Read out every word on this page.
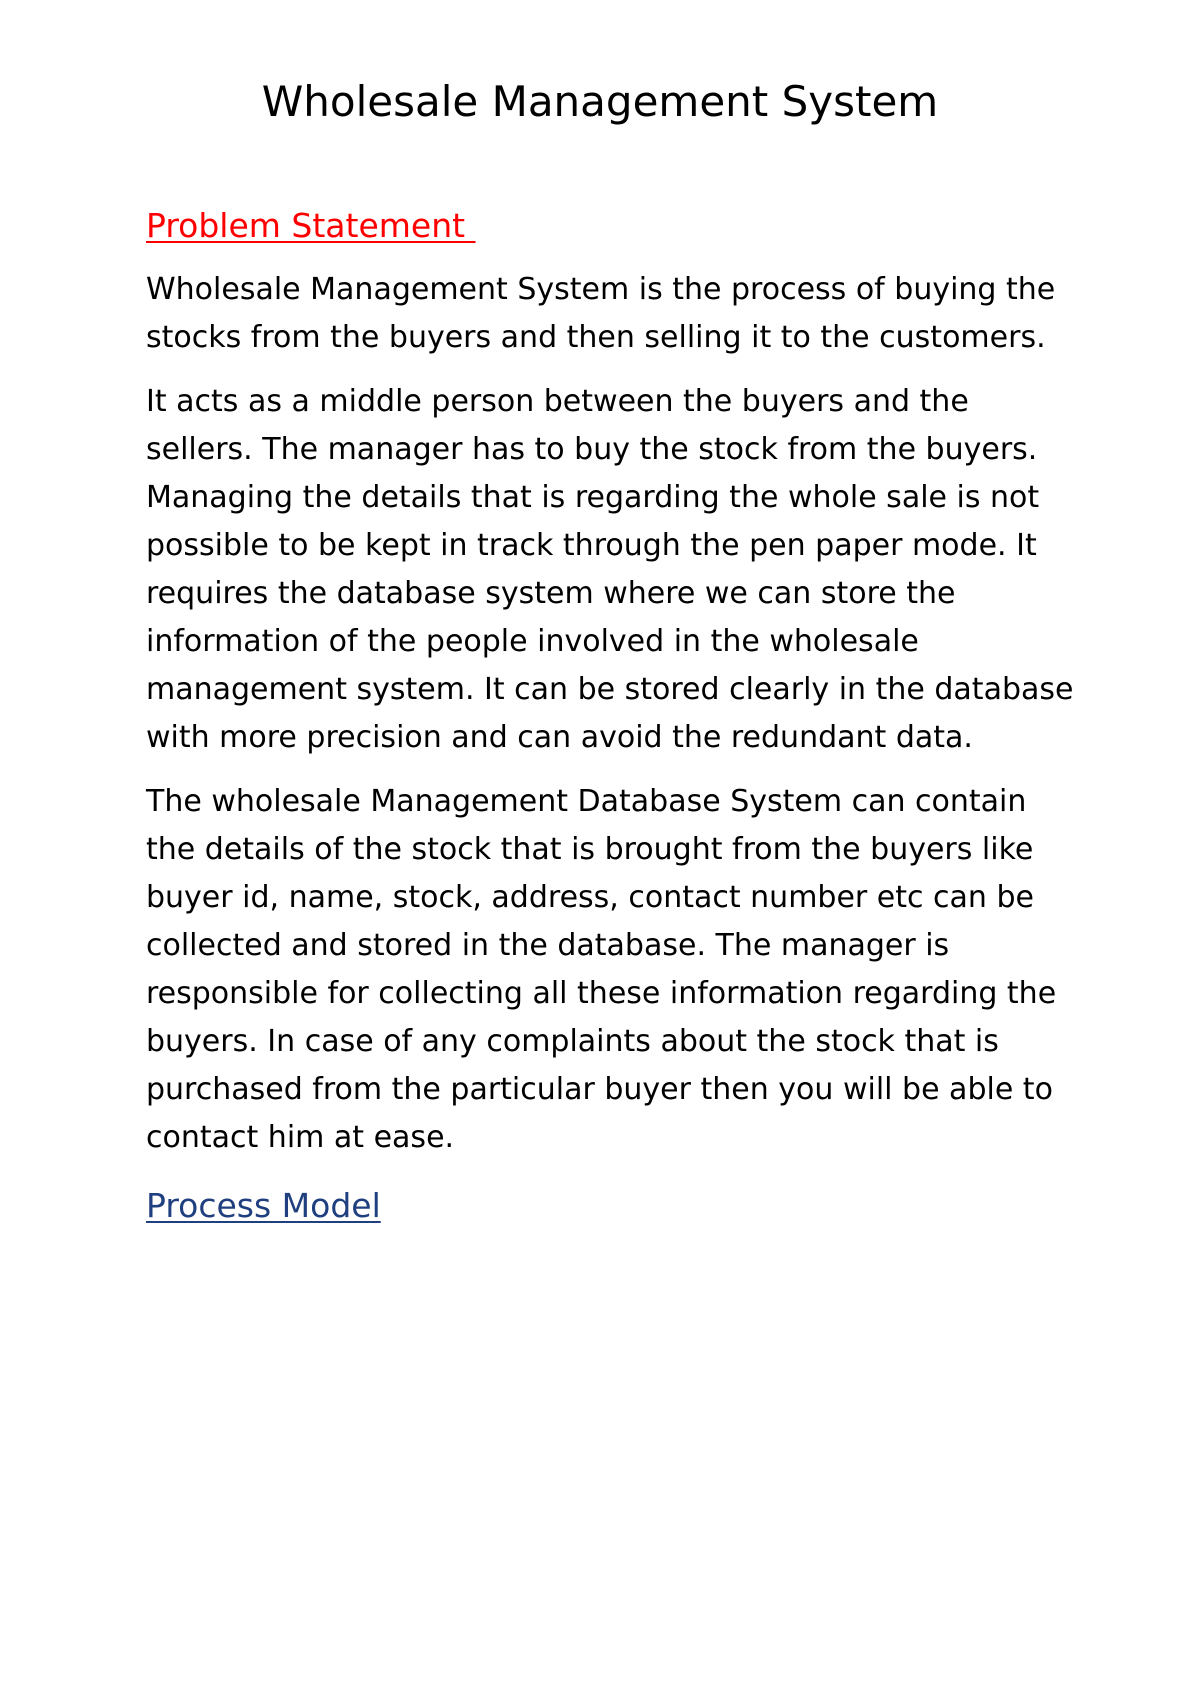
Wholesale Management System
Problem Statement

Wholesale Management System is the process of buying the stocks from the buyers and then selling it to the customers.

It acts as a middle person between the buyers and the sellers. The manager has to buy the stock from the buyers. Managing the details that is regarding the whole sale is not possible to be kept in track through the pen paper mode. It requires the database system where we can store the information of the people involved in the wholesale management system. It can be stored clearly in the database with more precision and can avoid the redundant data.

The wholesale Management Database System can contain the details of the stock that is brought from the buyers like buyer id, name, stock, address, contact number etc can be collected and stored in the database. The manager is responsible for collecting all these information regarding the buyers. In case of any complaints about the stock that is purchased from the particular buyer then you will be able to contact him at ease.

Process Model
